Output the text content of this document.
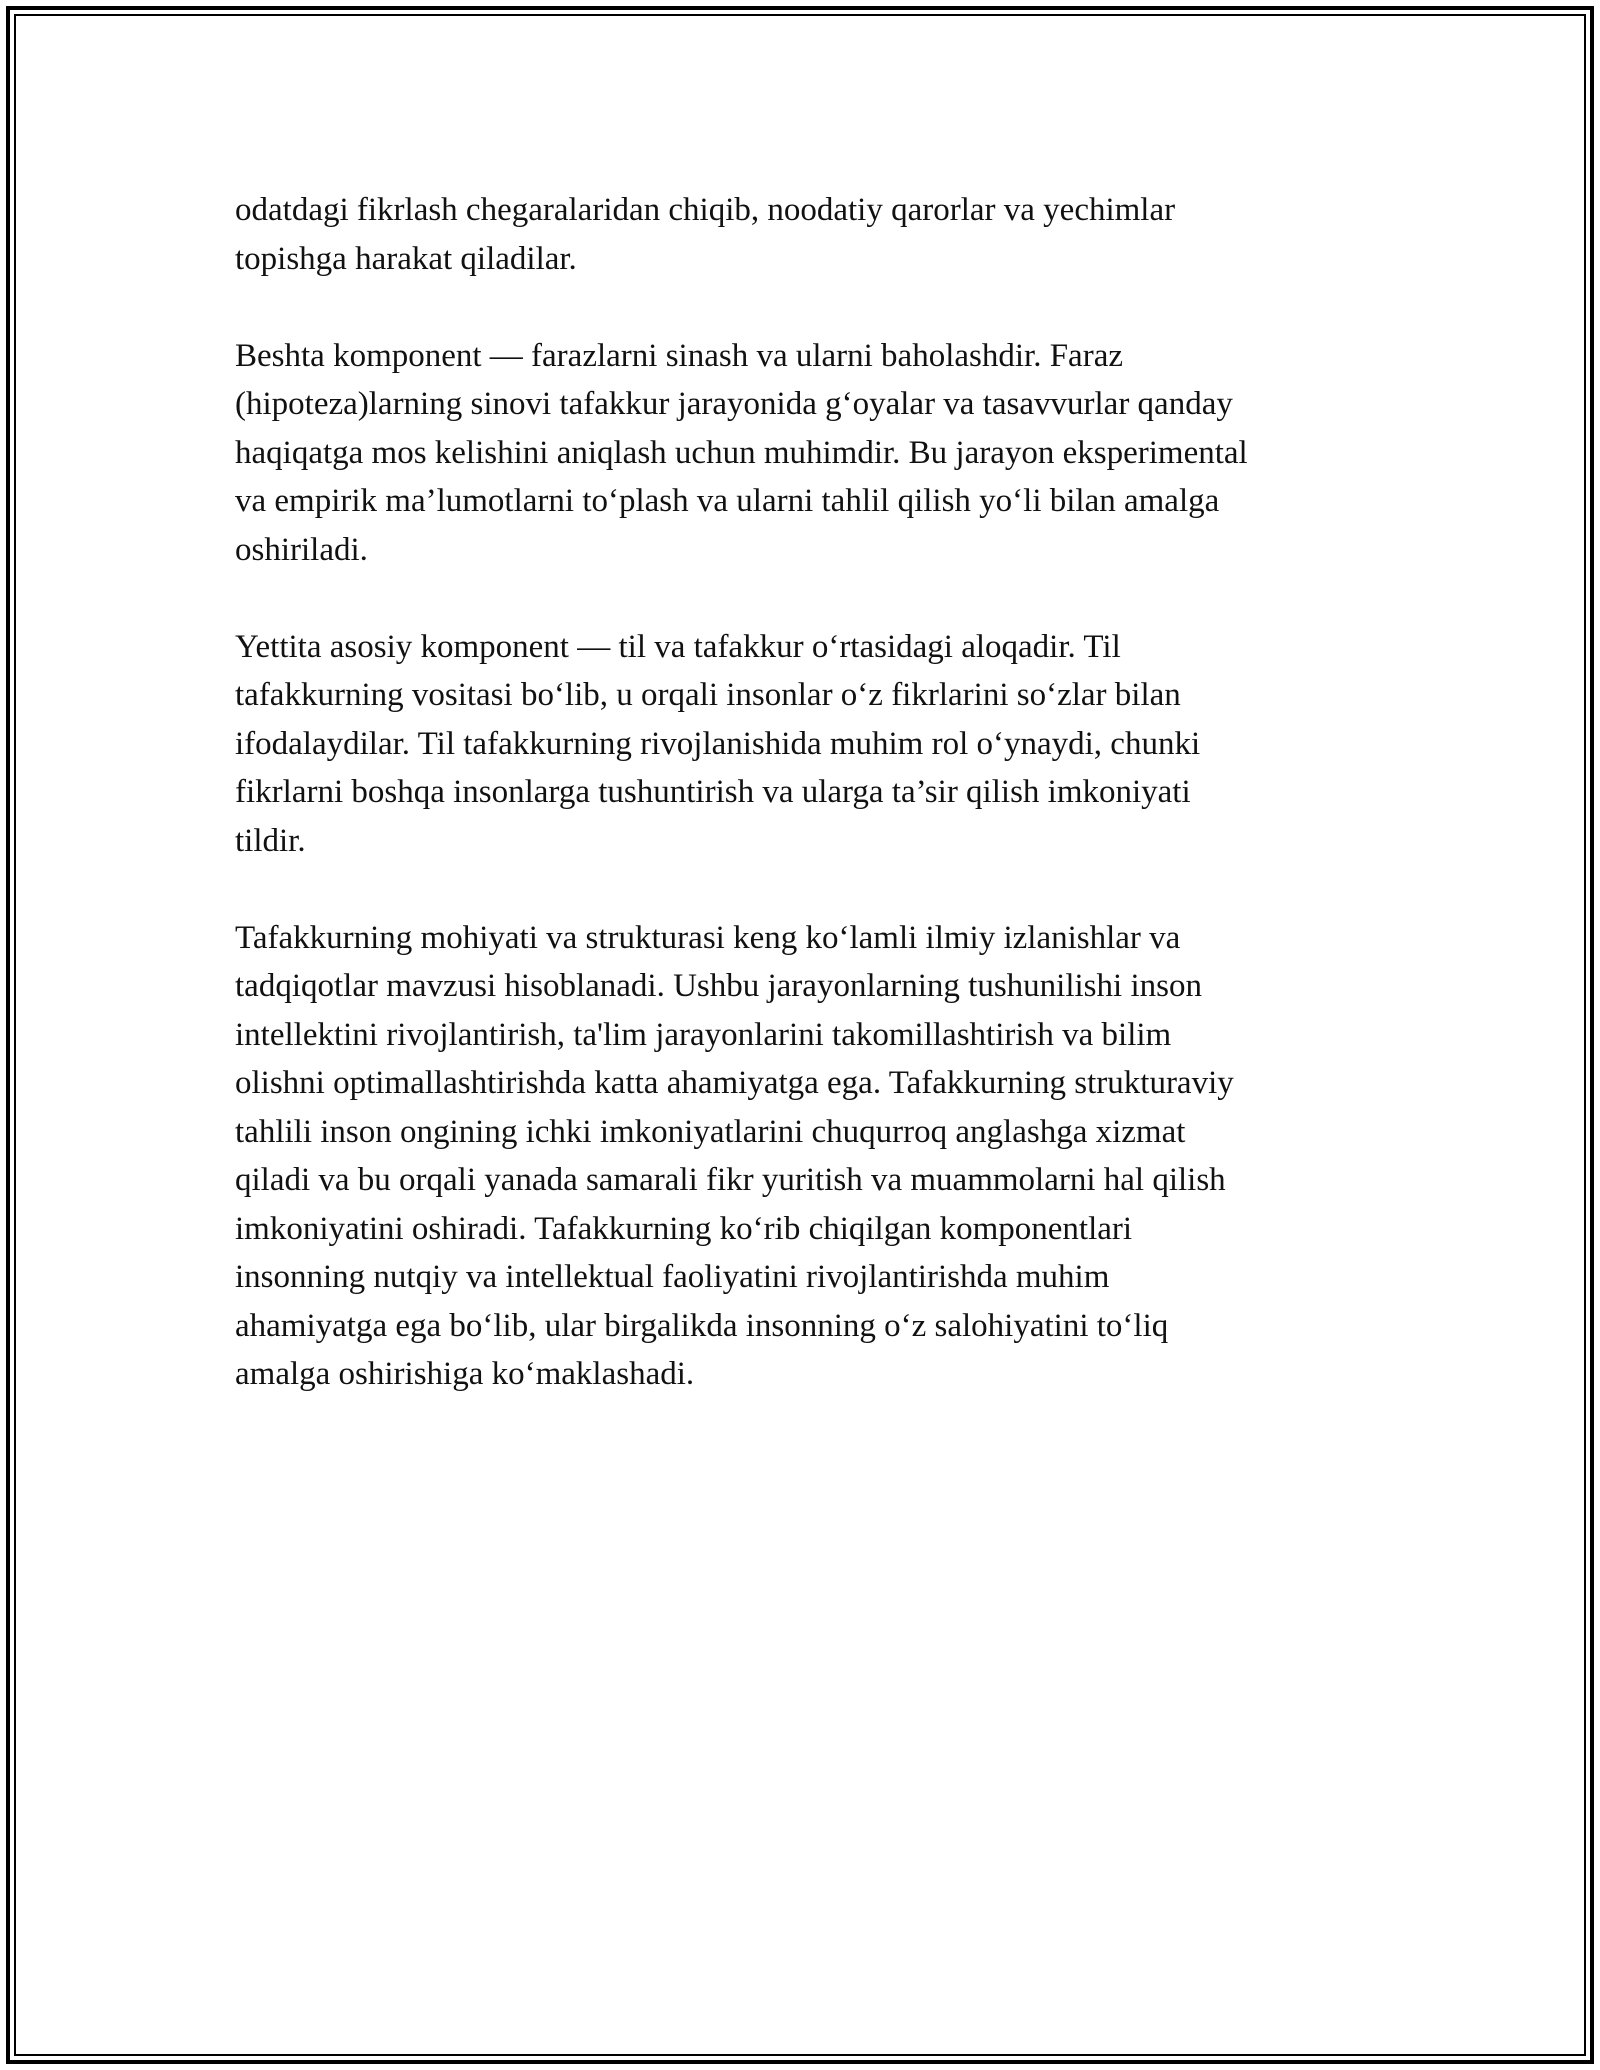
odatdagi fikrlash chegaralaridan chiqib, noodatiy qarorlar va yechimlar
topishga harakat qiladilar.

Beshta komponent — farazlarni sinash va ularni baholashdir. Faraz
(hipoteza)larning sinovi tafakkur jarayonida g‘oyalar va tasavvurlar qanday
haqiqatga mos kelishini aniqlash uchun muhimdir. Bu jarayon eksperimental
va empirik ma’lumotlarni to‘plash va ularni tahlil qilish yo‘li bilan amalga
oshiriladi.

Yettita asosiy komponent — til va tafakkur o‘rtasidagi aloqadir. Til
tafakkurning vositasi bo‘lib, u orqali insonlar o‘z fikrlarini so‘zlar bilan
ifodalaydilar. Til tafakkurning rivojlanishida muhim rol o‘ynaydi, chunki
fikrlarni boshqa insonlarga tushuntirish va ularga ta’sir qilish imkoniyati
tildir.

Tafakkurning mohiyati va strukturasi keng ko‘lamli ilmiy izlanishlar va
tadqiqotlar mavzusi hisoblanadi. Ushbu jarayonlarning tushunilishi inson
intellektini rivojlantirish, ta'lim jarayonlarini takomillashtirish va bilim
olishni optimallashtirishda katta ahamiyatga ega. Tafakkurning strukturaviy
tahlili inson ongining ichki imkoniyatlarini chuqurroq anglashga xizmat
qiladi va bu orqali yanada samarali fikr yuritish va muammolarni hal qilish
imkoniyatini oshiradi. Tafakkurning ko‘rib chiqilgan komponentlari
insonning nutqiy va intellektual faoliyatini rivojlantirishda muhim
ahamiyatga ega bo‘lib, ular birgalikda insonning o‘z salohiyatini to‘liq
amalga oshirishiga ko‘maklashadi.
